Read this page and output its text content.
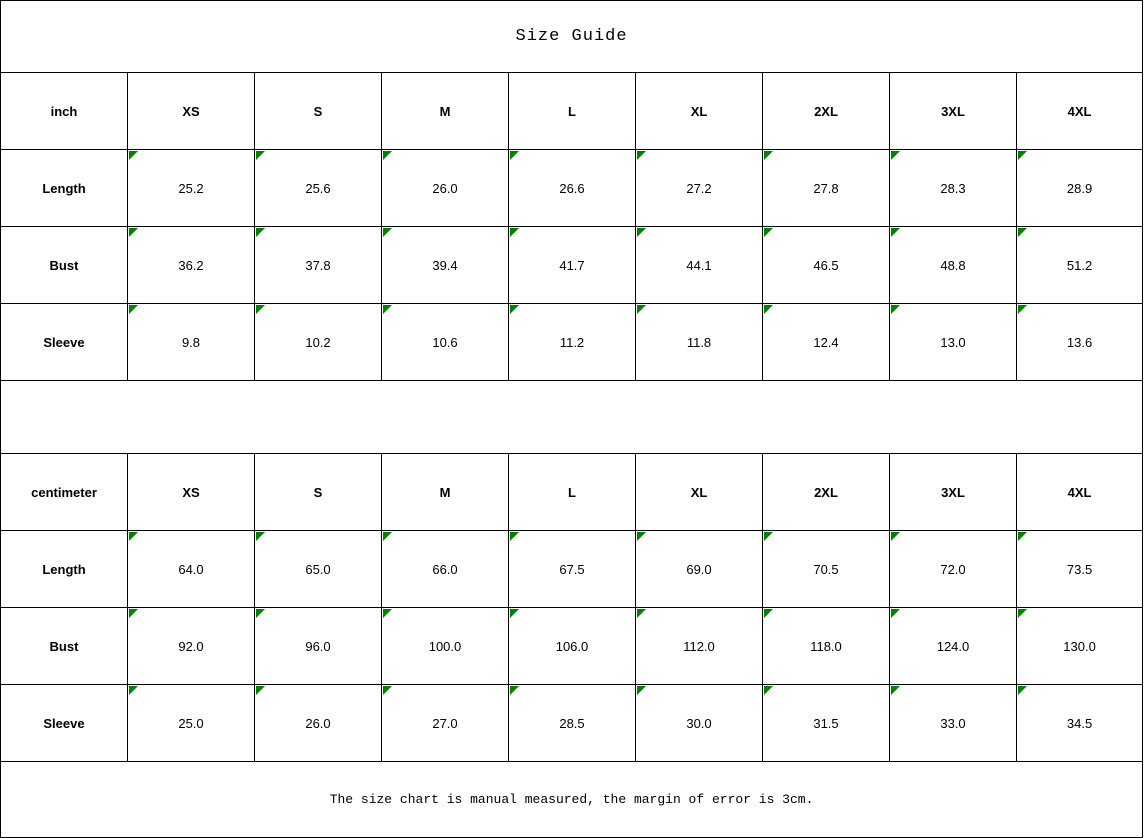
Size Guide								
inch	XS	S	M	L	XL	2XL	3XL	4XL
Length	25.2	25.6	26.0	26.6	27.2	27.8	28.3	28.9
Bust	36.2	37.8	39.4	41.7	44.1	46.5	48.8	51.2
Sleeve	9.8	10.2	10.6	11.2	11.8	12.4	13.0	13.6

centimeter	XS	S	M	L	XL	2XL	3XL	4XL
Length	64.0	65.0	66.0	67.5	69.0	70.5	72.0	73.5
Bust	92.0	96.0	100.0	106.0	112.0	118.0	124.0	130.0
Sleeve	25.0	26.0	27.0	28.5	30.0	31.5	33.0	34.5
The size chart is manual measured, the margin of error is 3cm.								
